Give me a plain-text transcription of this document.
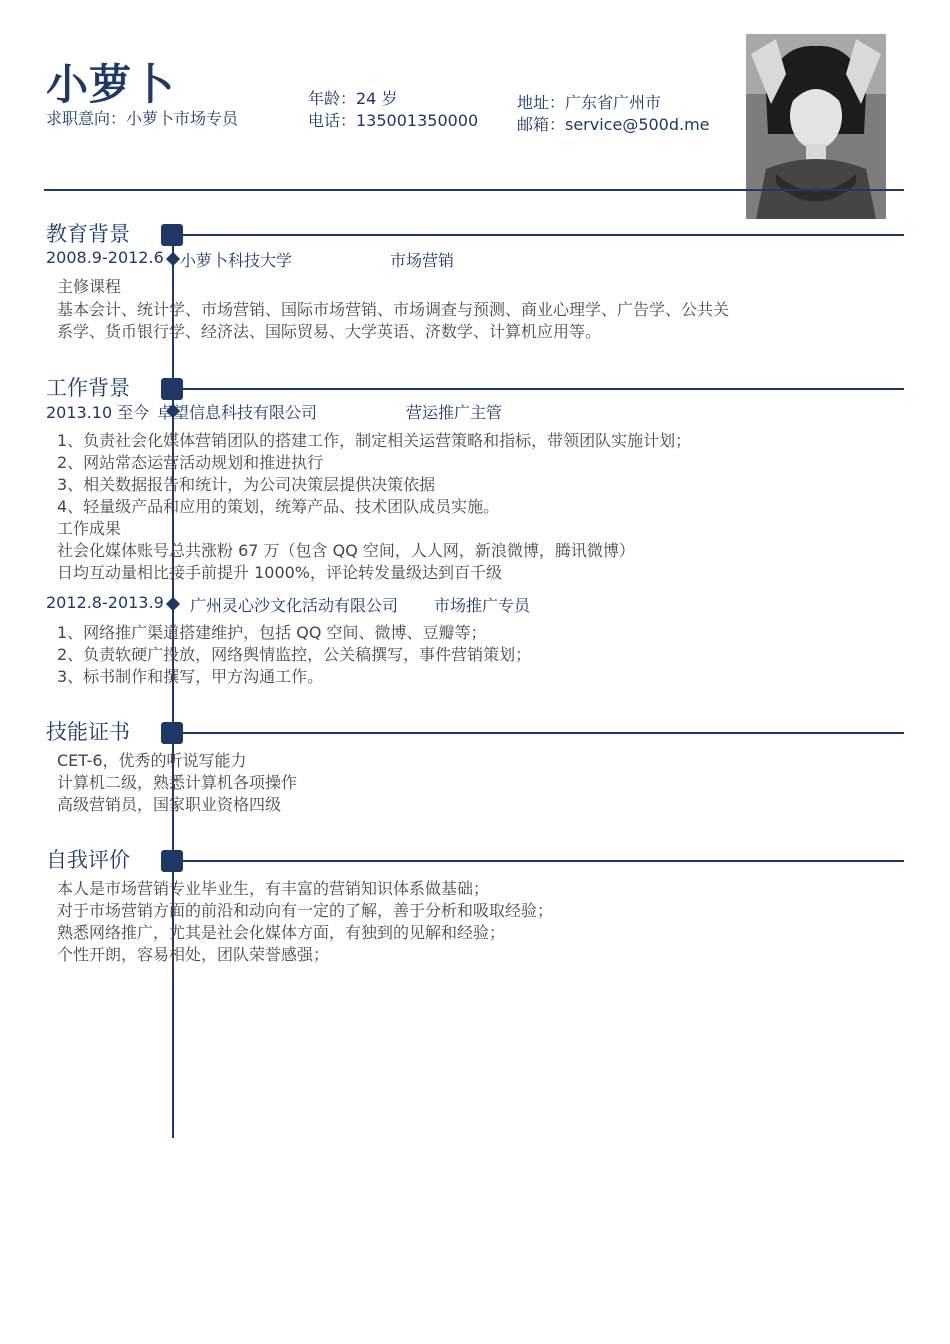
小萝卜
求职意向：小萝卜市场专员
年龄：24 岁
电话：135001350000
地址：广东省广州市
邮箱：service@500d.me
教育背景
2008.9-2012.6 小萝卜科技大学	市场营销
主修课程
基本会计、统计学、市场营销、国际市场营销、市场调查与预测、商业心理学、广告学、公共关
系学、货币银行学、经济法、国际贸易、大学英语、济数学、计算机应用等。
工作背景
2013.10 至今 卓望信息科技有限公司	营运推广主管
1、负责社会化媒体营销团队的搭建工作，制定相关运营策略和指标，带领团队实施计划；
2、网站常态运营活动规划和推进执行
3、相关数据报告和统计，为公司决策层提供决策依据
4、轻量级产品和应用的策划，统筹产品、技术团队成员实施。
工作成果
社会化媒体账号总共涨粉 67 万（包含 QQ 空间，人人网，新浪微博，腾讯微博）
日均互动量相比接手前提升 1000%，评论转发量级达到百千级
2012.8-2013.9 广州灵心沙文化活动有限公司 市场推广专员
1、网络推广渠道搭建维护，包括 QQ 空间、微博、豆瓣等；
2、负责软硬广投放，网络舆情监控，公关稿撰写，事件营销策划；
3、标书制作和撰写，甲方沟通工作。
技能证书
CET-6，优秀的听说写能力
计算机二级，熟悉计算机各项操作
高级营销员，国家职业资格四级
自我评价
本人是市场营销专业毕业生，有丰富的营销知识体系做基础；
对于市场营销方面的前沿和动向有一定的了解，善于分析和吸取经验；
熟悉网络推广，尤其是社会化媒体方面，有独到的见解和经验；
个性开朗，容易相处，团队荣誉感强；
